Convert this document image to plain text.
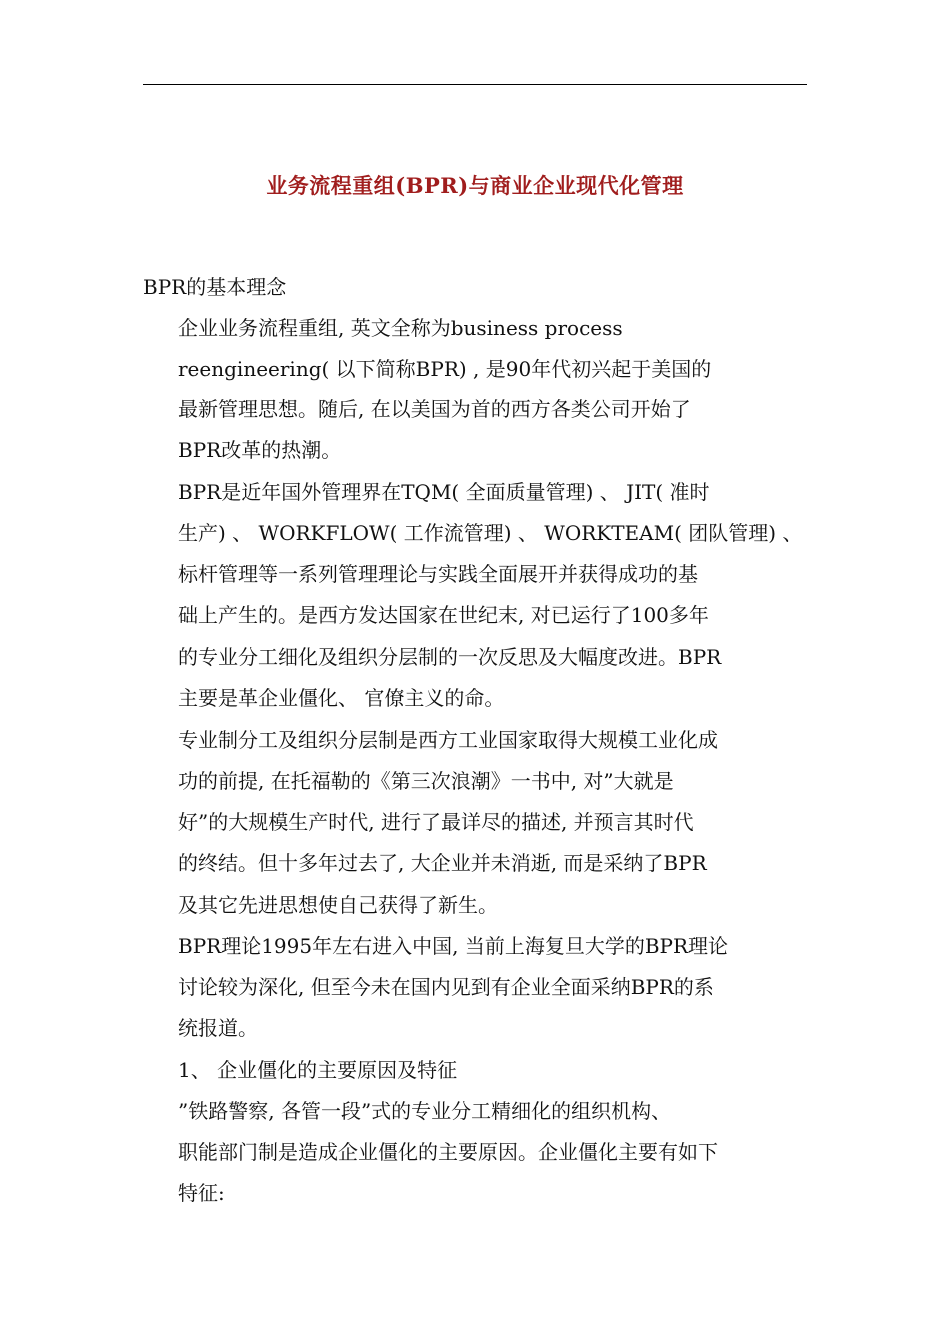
业务流程重组(BPR)与商业企业现代化管理
BPR的基本理念

企业业务流程重组, 英文全称为business process

reengineering( 以下简称BPR) , 是90年代初兴起于美国的

最新管理思想。随后, 在以美国为首的西方各类公司开始了

BPR改革的热潮。

BPR是近年国外管理界在TQM( 全面质量管理) 、 JIT( 准时

生产) 、 WORKFLOW( 工作流管理) 、 WORKTEAM( 团队管理) 、

标杆管理等一系列管理理论与实践全面展开并获得成功的基

础上产生的。是西方发达国家在世纪末, 对已运行了100多年

的专业分工细化及组织分层制的一次反思及大幅度改进。BPR

主要是革企业僵化、 官僚主义的命。

专业制分工及组织分层制是西方工业国家取得大规模工业化成

功的前提, 在托福勒的《第三次浪潮》一书中, 对”大就是

好”的大规模生产时代, 进行了最详尽的描述, 并预言其时代

的终结。但十多年过去了, 大企业并未消逝, 而是采纳了BPR

及其它先进思想使自己获得了新生。

BPR理论1995年左右进入中国, 当前上海复旦大学的BPR理论

讨论较为深化, 但至今未在国内见到有企业全面采纳BPR的系

统报道。

1、 企业僵化的主要原因及特征

”铁路警察, 各管一段”式的专业分工精细化的组织机构、

职能部门制是造成企业僵化的主要原因。企业僵化主要有如下

特征:
